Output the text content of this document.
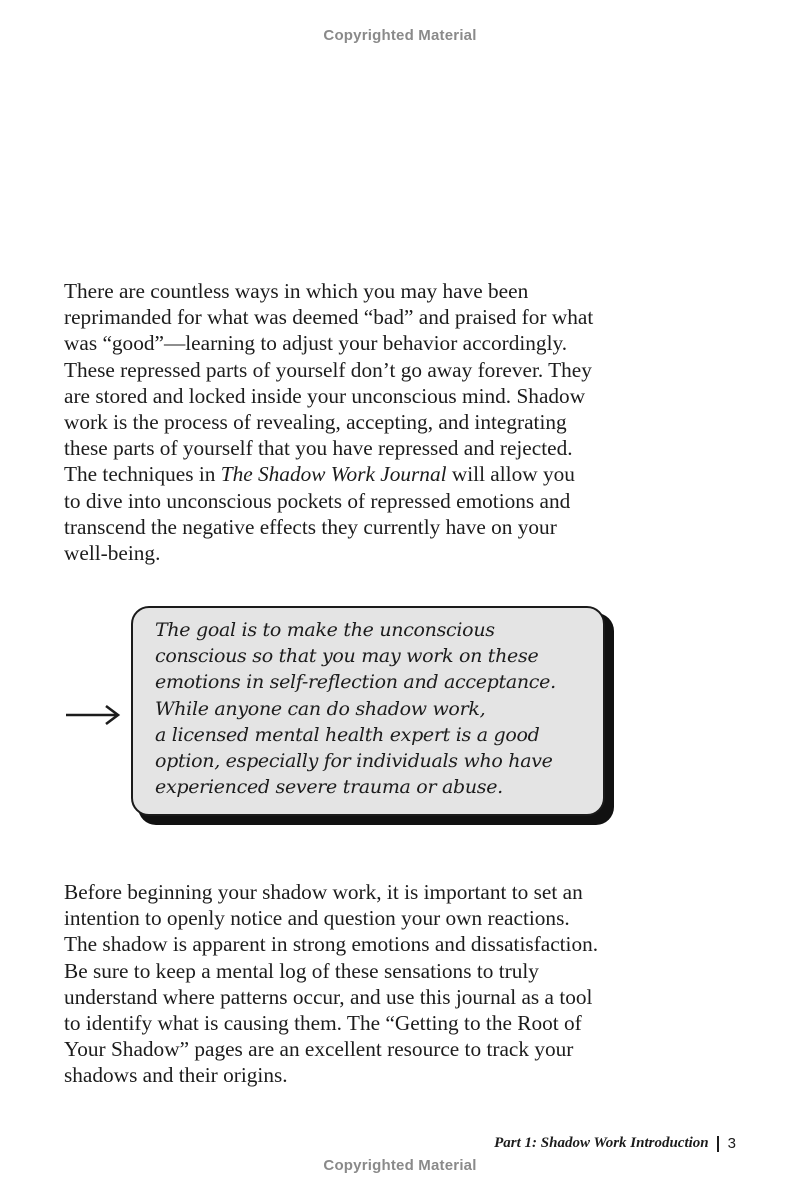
Copyrighted Material

There are countless ways in which you may have been
reprimanded for what was deemed “bad” and praised for what
was “good”—learning to adjust your behavior accordingly.
These repressed parts of yourself don’t go away forever. They
are stored and locked inside your unconscious mind. Shadow
work is the process of revealing, accepting, and integrating
these parts of yourself that you have repressed and rejected.
The techniques in The Shadow Work Journal will allow you
to dive into unconscious pockets of repressed emotions and
transcend the negative effects they currently have on your
well-being.

The goal is to make the unconscious
conscious so that you may work on these
emotions in self-reflection and acceptance.
While anyone can do shadow work,
a licensed mental health expert is a good
option, especially for individuals who have
experienced severe trauma or abuse.

Before beginning your shadow work, it is important to set an
intention to openly notice and question your own reactions.
The shadow is apparent in strong emotions and dissatisfaction.
Be sure to keep a mental log of these sensations to truly
understand where patterns occur, and use this journal as a tool
to identify what is causing them. The “Getting to the Root of
Your Shadow” pages are an excellent resource to track your
shadows and their origins.

Part 1: Shadow Work Introduction 3
Copyrighted Material
